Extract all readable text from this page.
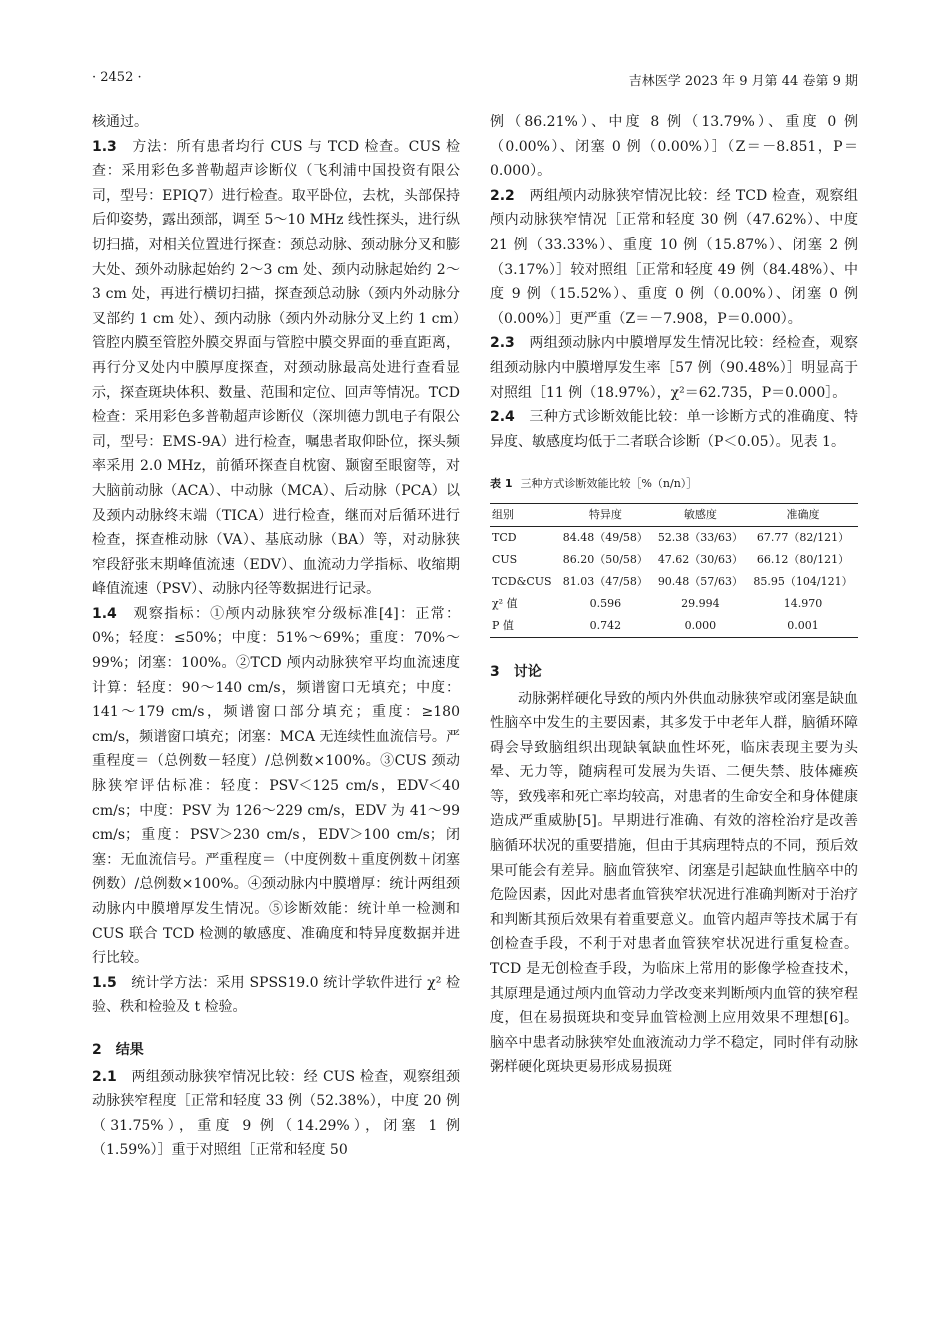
· 2452 ·	吉林医学 2023 年 9 月第 44 卷第 9 期

核通过。

1.3　 方法：所有患者均行 CUS 与 TCD 检查。CUS 检查：采用彩色多普勒超声诊断仪（飞利浦中国投资有限公司，型号：EPIQ7）进行检查。取平卧位，去枕，头部保持后仰姿势，露出颈部，调至 5～10 MHz 线性探头，进行纵切扫描，对相关位置进行探查：颈总动脉、颈动脉分叉和膨大处、颈外动脉起始约 2～3 cm 处、颈内动脉起始约 2～3 cm 处，再进行横切扫描，探查颈总动脉（颈内外动脉分叉部约 1 cm 处）、颈内动脉（颈内外动脉分叉上约 1 cm）管腔内膜至管腔外膜交界面与管腔中膜交界面的垂直距离，再行分叉处内中膜厚度探查，对颈动脉最高处进行查看显示，探查斑块体积、数量、范围和定位、回声等情况。TCD 检查：采用彩色多普勒超声诊断仪（深圳德力凯电子有限公司，型号：EMS-9A）进行检查，嘱患者取仰卧位，探头频率采用 2.0 MHz，前循环探查自枕窗、颞窗至眼窗等，对大脑前动脉（ACA）、中动脉（MCA）、后动脉（PCA）以及颈内动脉终末端（TICA）进行检查，继而对后循环进行检查，探查椎动脉（VA）、基底动脉（BA）等，对动脉狭窄段舒张末期峰值流速（EDV）、血流动力学指标、收缩期峰值流速（PSV）、动脉内径等数据进行记录。

1.4　 观察指标：①颅内动脉狭窄分级标准[4]：正常：0%；轻度：≤50%；中度：51%～69%；重度：70%～99%；闭塞：100%。②TCD 颅内动脉狭窄平均血流速度计算：轻度：90～140 cm/s，频谱窗口无填充；中度：141～179 cm/s，频谱窗口部分填充；重度：≥180 cm/s，频谱窗口填充；闭塞：MCA 无连续性血流信号。严重程度＝（总例数－轻度）/总例数×100%。③CUS 颈动脉狭窄评估标准：轻度：PSV＜125 cm/s，EDV＜40 cm/s；中度：PSV 为 126～229 cm/s，EDV 为 41～99 cm/s；重度：PSV＞230 cm/s，EDV＞100 cm/s；闭塞：无血流信号。严重程度＝（中度例数＋重度例数＋闭塞例数）/总例数×100%。④颈动脉内中膜增厚：统计两组颈动脉内中膜增厚发生情况。⑤诊断效能：统计单一检测和 CUS 联合 TCD 检测的敏感度、准确度和特异度数据并进行比较。

1.5　 统计学方法：采用 SPSS19.0 统计学软件进行 χ² 检验、秩和检验及 t 检验。

2　结果

2.1　 两组颈动脉狭窄情况比较：经 CUS 检查，观察组颈动脉狭窄程度［正常和轻度 33 例（52.38%），中度 20 例（31.75%），重度 9 例（14.29%），闭塞 1 例（1.59%）］重于对照组［正常和轻度 50

例（86.21%）、中度 8 例（13.79%）、重度 0 例（0.00%）、闭塞 0 例（0.00%）］（Z＝－8.851，P＝0.000）。

2.2　 两组颅内动脉狭窄情况比较：经 TCD 检查，观察组颅内动脉狭窄情况［正常和轻度 30 例（47.62%）、中度 21 例（33.33%）、重度 10 例（15.87%）、闭塞 2 例（3.17%）］较对照组［正常和轻度 49 例（84.48%）、中度 9 例（15.52%）、重度 0 例（0.00%）、闭塞 0 例（0.00%）］更严重（Z＝－7.908，P＝0.000）。

2.3　 两组颈动脉内中膜增厚发生情况比较：经检查，观察组颈动脉内中膜增厚发生率［57 例（90.48%）］明显高于对照组［11 例（18.97%），χ²＝62.735，P＝0.000］。

2.4　 三种方式诊断效能比较：单一诊断方式的准确度、特异度、敏感度均低于二者联合诊断（P＜0.05）。见表 1。

表 1 三种方式诊断效能比较［%（n/n）］

组别	特异度	敏感度	准确度
TCD	84.48（49/58）	52.38（33/63）	67.77（82/121）
CUS	86.20（50/58）	47.62（30/63）	66.12（80/121）
TCD&CUS	81.03（47/58）	90.48（57/63）	85.95（104/121）
χ² 值	0.596	29.994	14.970
P 值	0.742	0.000	0.001

3　讨论

动脉粥样硬化导致的颅内外供血动脉狭窄或闭塞是缺血性脑卒中发生的主要因素，其多发于中老年人群，脑循环障碍会导致脑组织出现缺氧缺血性坏死，临床表现主要为头晕、无力等，随病程可发展为失语、二便失禁、肢体瘫痪等，致残率和死亡率均较高，对患者的生命安全和身体健康造成严重威胁[5]。早期进行准确、有效的溶栓治疗是改善脑循环状况的重要措施，但由于其病理特点的不同，预后效果可能会有差异。脑血管狭窄、闭塞是引起缺血性脑卒中的危险因素，因此对患者血管狭窄状况进行准确判断对于治疗和判断其预后效果有着重要意义。血管内超声等技术属于有创检查手段，不利于对患者血管狭窄状况进行重复检查。TCD 是无创检查手段，为临床上常用的影像学检查技术，其原理是通过颅内血管动力学改变来判断颅内血管的狭窄程度，但在易损斑块和变异血管检测上应用效果不理想[6]。脑卒中患者动脉狭窄处血液流动力学不稳定，同时伴有动脉粥样硬化斑块更易形成易损斑
